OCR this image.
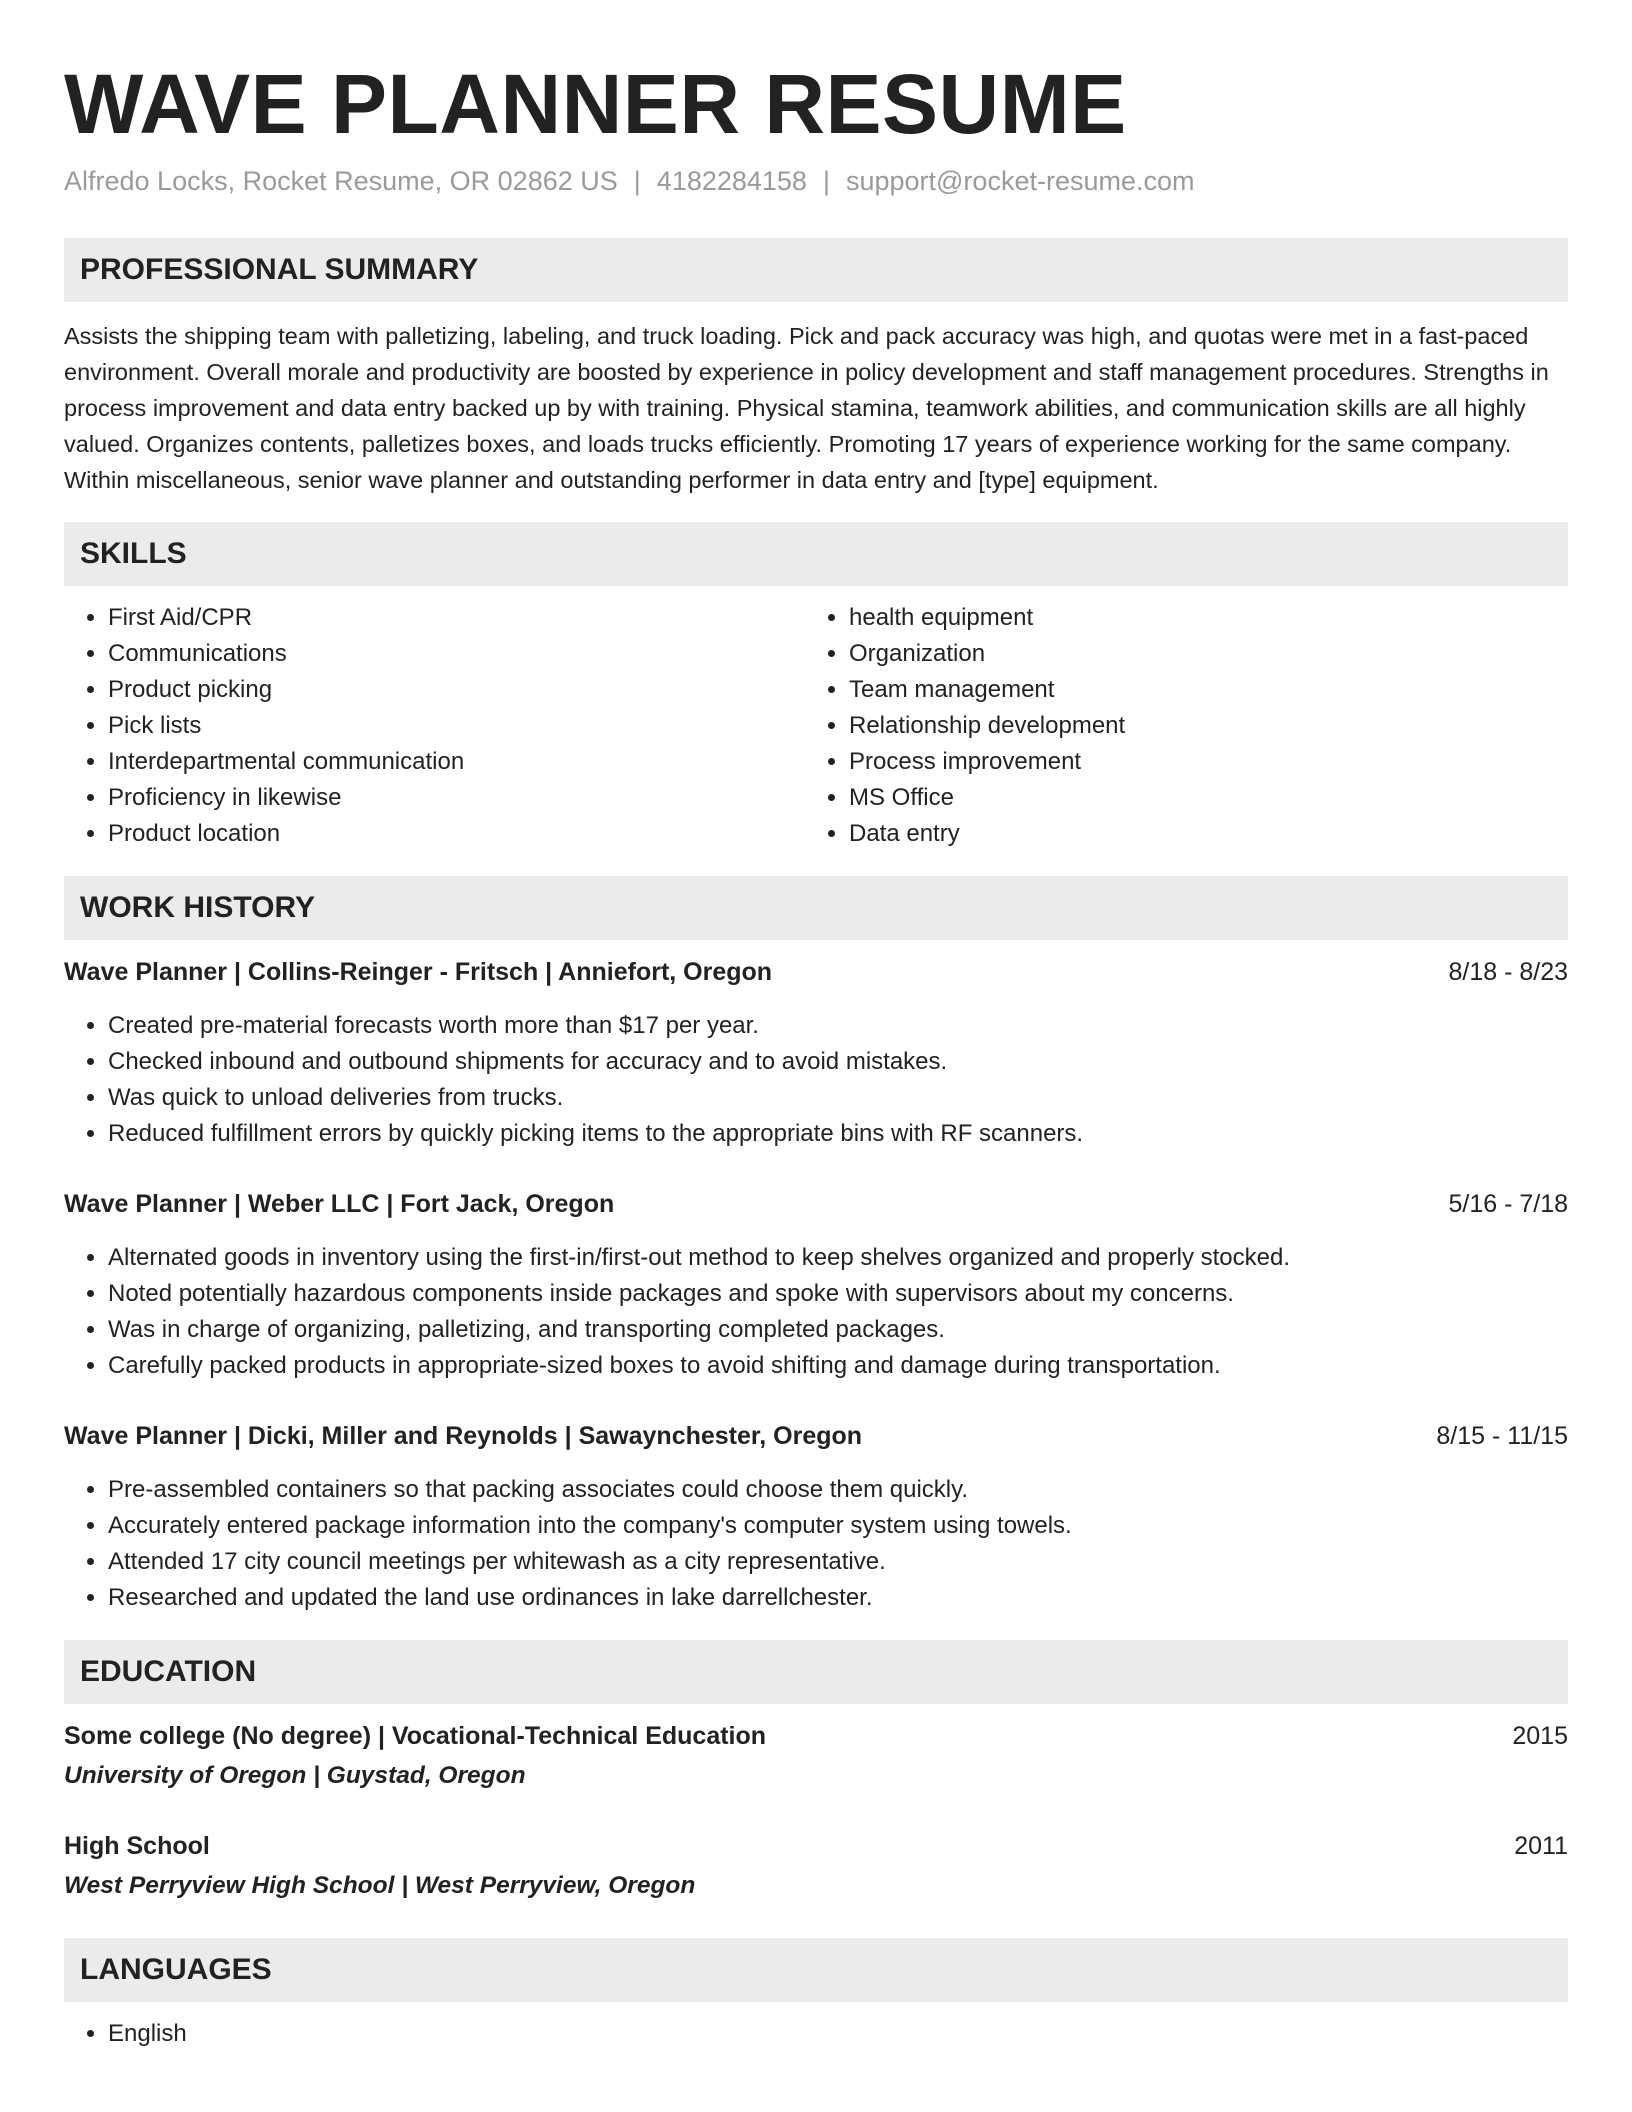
WAVE PLANNER RESUME
Alfredo Locks, Rocket Resume, OR 02862 US | 4182284158 | support@rocket-resume.com
PROFESSIONAL SUMMARY

Assists the shipping team with palletizing, labeling, and truck loading. Pick and pack accuracy was high, and quotas were met in a fast-paced environment. Overall morale and productivity are boosted by experience in policy development and staff management procedures. Strengths in process improvement and data entry backed up by with training. Physical stamina, teamwork abilities, and communication skills are all highly valued. Organizes contents, palletizes boxes, and loads trucks efficiently. Promoting 17 years of experience working for the same company. Within miscellaneous, senior wave planner and outstanding performer in data entry and [type] equipment.

SKILLS
• First Aid/CPR
• Communications
• Product picking
• Pick lists
• Interdepartmental communication
• Proficiency in likewise
• Product location
• health equipment
• Organization
• Team management
• Relationship development
• Process improvement
• MS Office
• Data entry
WORK HISTORY
Wave Planner | Collins-Reinger - Fritsch | Anniefort, Oregon	8/18 - 8/23
• Created pre-material forecasts worth more than $17 per year.
• Checked inbound and outbound shipments for accuracy and to avoid mistakes.
• Was quick to unload deliveries from trucks.
• Reduced fulfillment errors by quickly picking items to the appropriate bins with RF scanners.
Wave Planner | Weber LLC | Fort Jack, Oregon	5/16 - 7/18
• Alternated goods in inventory using the first-in/first-out method to keep shelves organized and properly stocked.
• Noted potentially hazardous components inside packages and spoke with supervisors about my concerns.
• Was in charge of organizing, palletizing, and transporting completed packages.
• Carefully packed products in appropriate-sized boxes to avoid shifting and damage during transportation.
Wave Planner | Dicki, Miller and Reynolds | Sawaynchester, Oregon	8/15 - 11/15
• Pre-assembled containers so that packing associates could choose them quickly.
• Accurately entered package information into the company's computer system using towels.
• Attended 17 city council meetings per whitewash as a city representative.
• Researched and updated the land use ordinances in lake darrellchester.
EDUCATION
Some college (No degree) | Vocational-Technical Education	2015
University of Oregon | Guystad, Oregon
High School	2011
West Perryview High School | West Perryview, Oregon
LANGUAGES
• English
